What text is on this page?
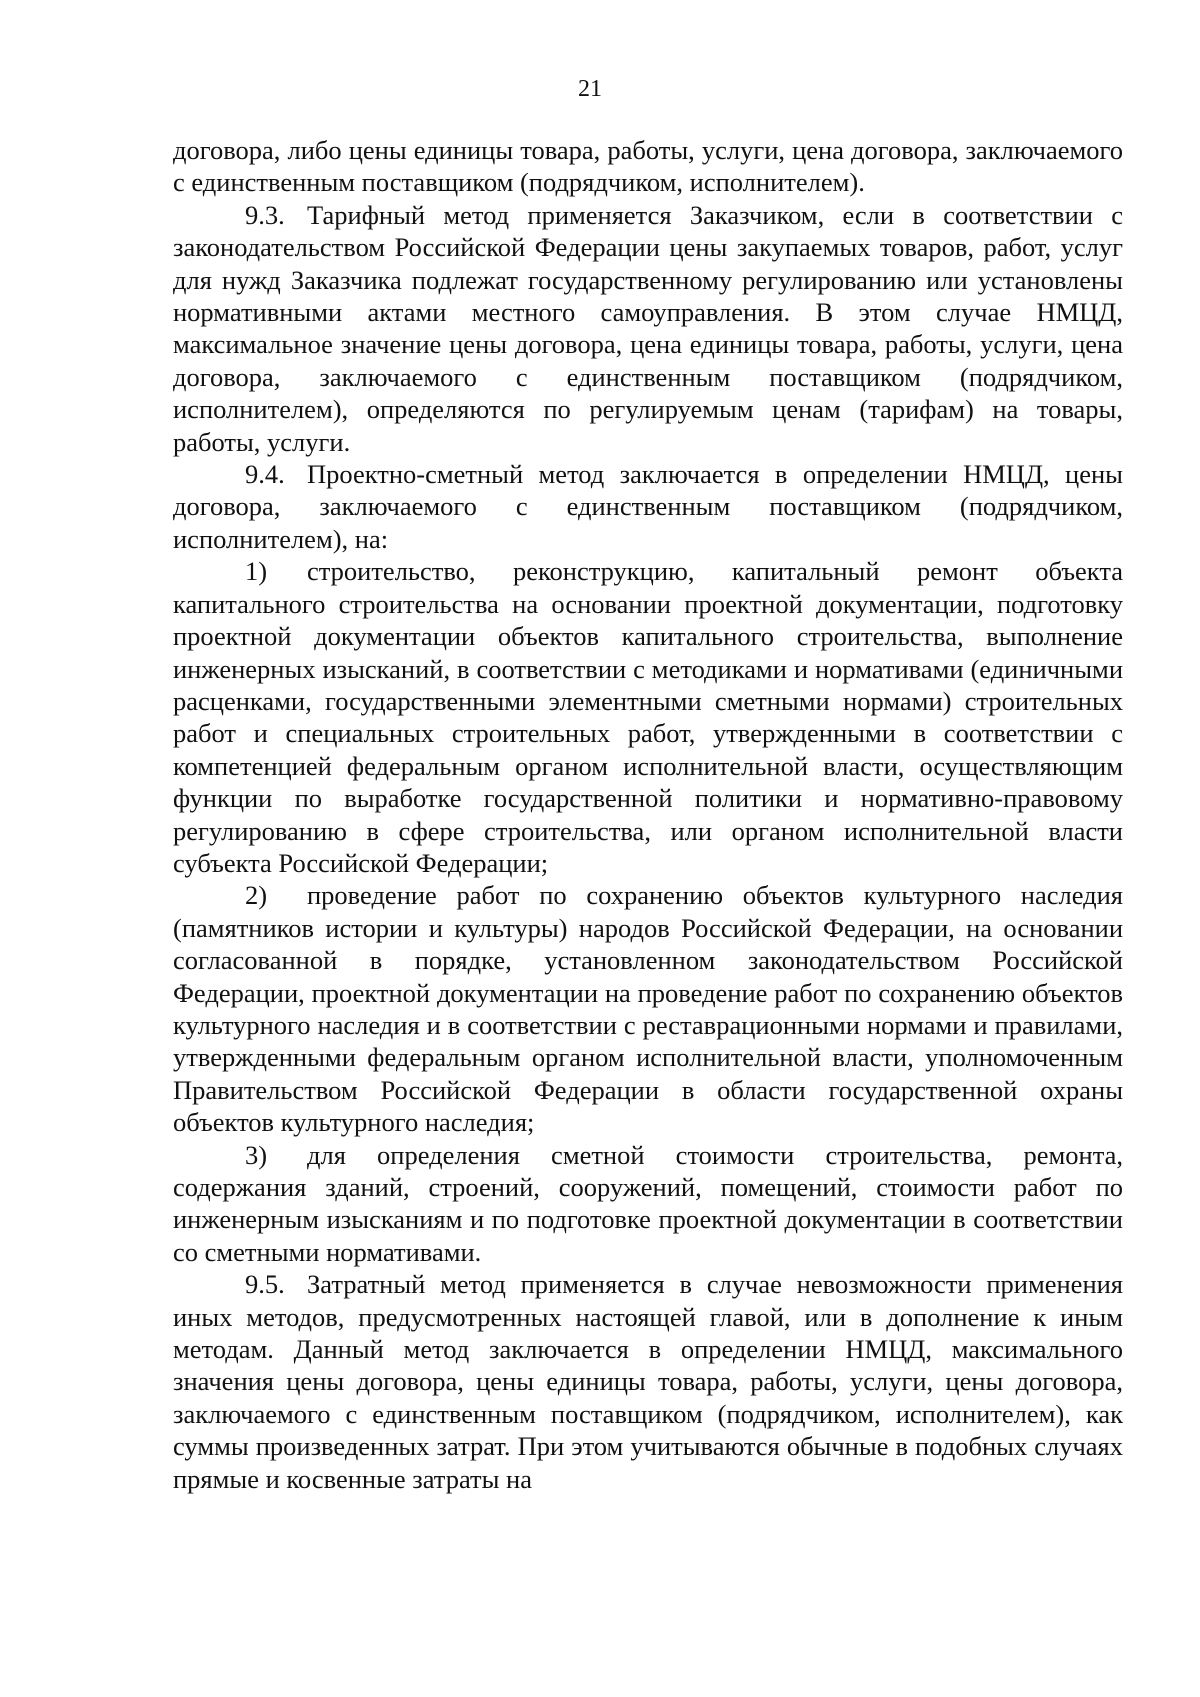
21

договора, либо цены единицы товара, работы, услуги, цена договора, заключаемого с единственным поставщиком (подрядчиком, исполнителем).

9.3. Тарифный метод применяется Заказчиком, если в соответствии с законодательством Российской Федерации цены закупаемых товаров, работ, услуг для нужд Заказчика подлежат государственному регулированию или установлены нормативными актами местного самоуправления. В этом случае НМЦД, максимальное значение цены договора, цена единицы товара, работы, услуги, цена договора, заключаемого с единственным поставщиком (подрядчиком, исполнителем), определяются по регулируемым ценам (тарифам) на товары, работы, услуги.

9.4. Проектно-сметный метод заключается в определении НМЦД, цены договора, заключаемого с единственным поставщиком (подрядчиком, исполнителем), на:

1) строительство, реконструкцию, капитальный ремонт объекта капитального строительства на основании проектной документации, подготовку проектной документации объектов капитального строительства, выполнение инженерных изысканий, в соответствии с методиками и нормативами (единичными расценками, государственными элементными сметными нормами) строительных работ и специальных строительных работ, утвержденными в соответствии с компетенцией федеральным органом исполнительной власти, осуществляющим функции по выработке государственной политики и нормативно-правовому регулированию в сфере строительства, или органом исполнительной власти субъекта Российской Федерации;

2) проведение работ по сохранению объектов культурного наследия (памятников истории и культуры) народов Российской Федерации, на основании согласованной в порядке, установленном законодательством Российской Федерации, проектной документации на проведение работ по сохранению объектов культурного наследия и в соответствии с реставрационными нормами и правилами, утвержденными федеральным органом исполнительной власти, уполномоченным Правительством Российской Федерации в области государственной охраны объектов культурного наследия;

3) для определения сметной стоимости строительства, ремонта, содержания зданий, строений, сооружений, помещений, стоимости работ по инженерным изысканиям и по подготовке проектной документации в соответствии со сметными нормативами.

9.5. Затратный метод применяется в случае невозможности применения иных методов, предусмотренных настоящей главой, или в дополнение к иным методам. Данный метод заключается в определении НМЦД, максимального значения цены договора, цены единицы товара, работы, услуги, цены договора, заключаемого с единственным поставщиком (подрядчиком, исполнителем), как суммы произведенных затрат. При этом учитываются обычные в подобных случаях прямые и косвенные затраты на
